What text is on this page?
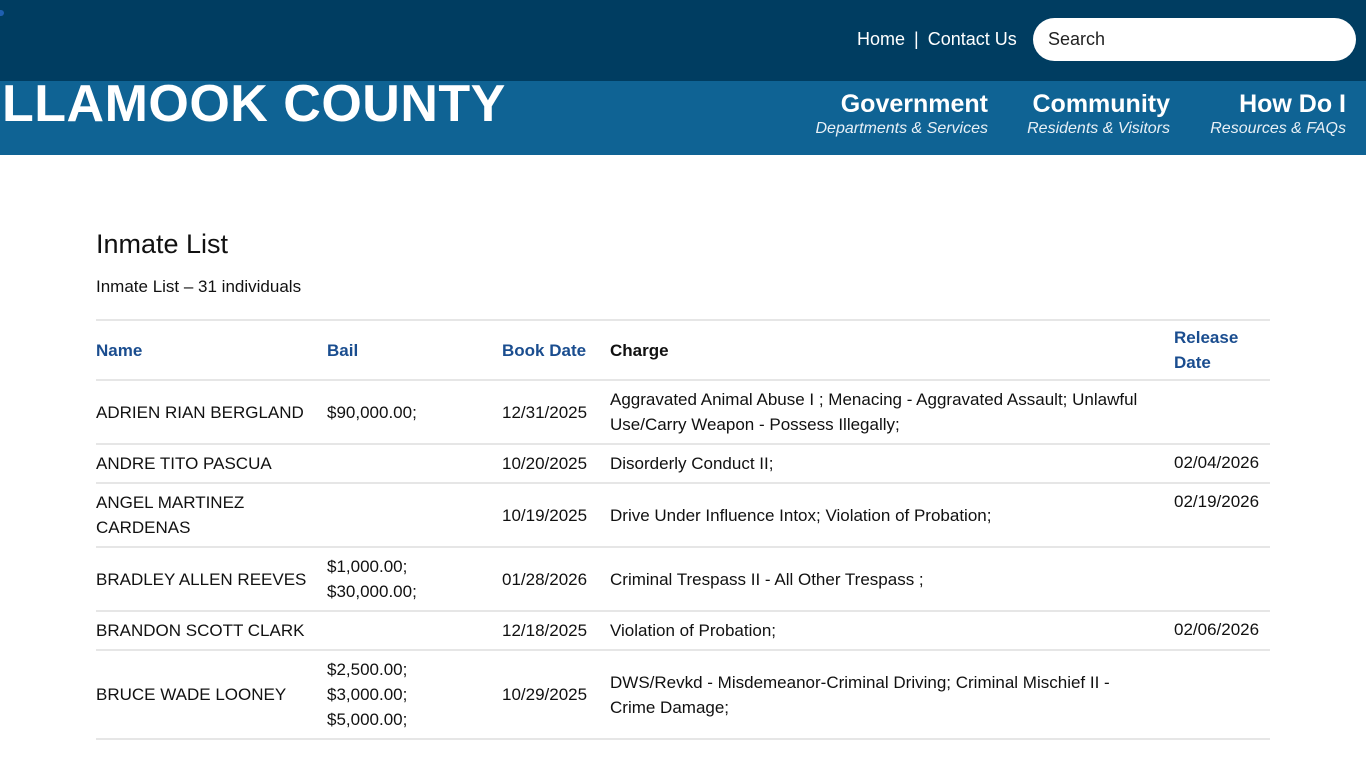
Home | Contact Us
Search
LLAMOOK COUNTY	Government
Departments & Services
Community
Residents & Visitors
How Do I
Resources & FAQs
Inmate List

Inmate List – 31 individuals

Name	Bail	Book Date	Charge	Release Date
ADRIEN RIAN BERGLAND	$90,000.00;	12/31/2025	Aggravated Animal Abuse I ; Menacing - Aggravated Assault; Unlawful Use/Carry Weapon - Possess Illegally;	
ANDRE TITO PASCUA		10/20/2025	Disorderly Conduct II;	02/04/2026
ANGEL MARTINEZ CARDENAS		10/19/2025	Drive Under Influence Intox; Violation of Probation;	02/19/2026
BRADLEY ALLEN REEVES	$1,000.00;
$30,000.00;	01/28/2026	Criminal Trespass II - All Other Trespass ;	
BRANDON SCOTT CLARK		12/18/2025	Violation of Probation;	02/06/2026
BRUCE WADE LOONEY	$2,500.00;
$3,000.00;
$5,000.00;	10/29/2025	DWS/Revkd - Misdemeanor-Criminal Driving; Criminal Mischief II - Crime Damage;	
